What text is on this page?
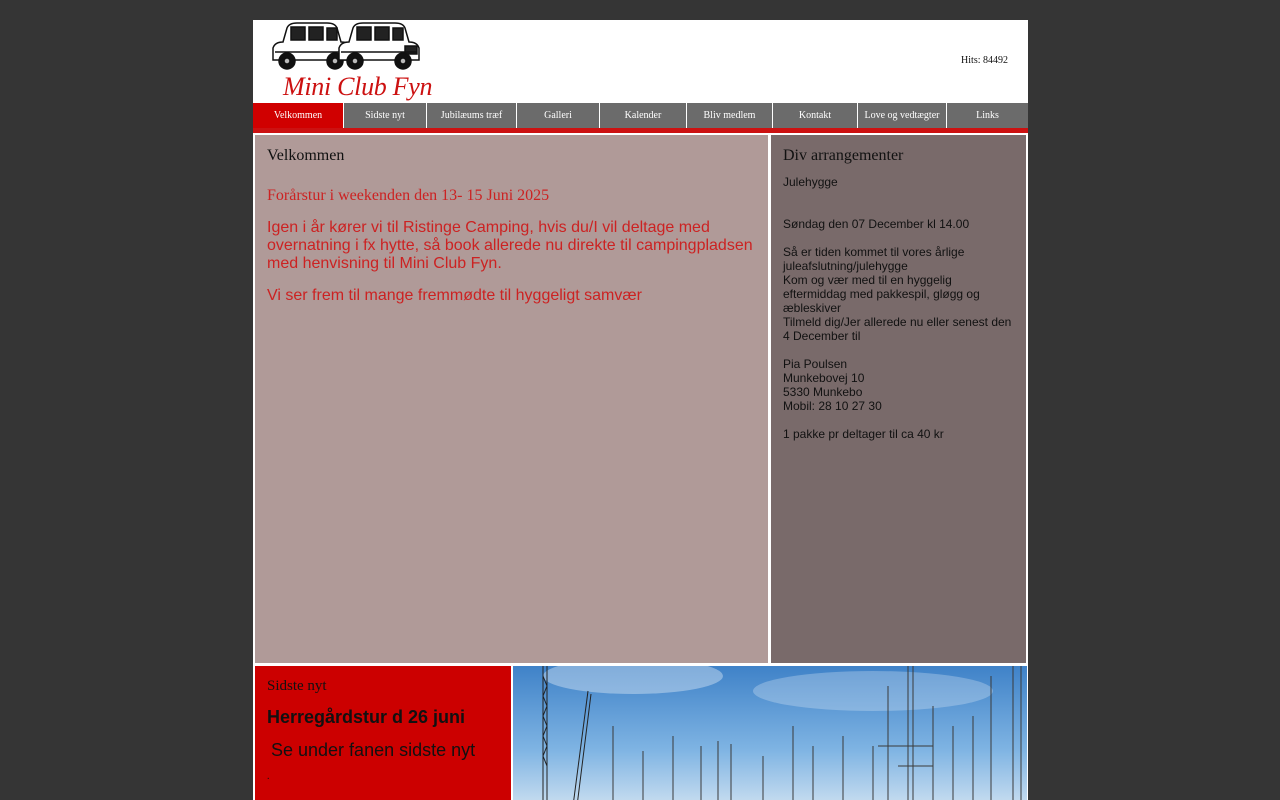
Mini Club Fyn
Hits: 84492
Velkommen	Sidste nyt	Jubilæums træf	Galleri	Kalender	Bliv medlem	Kontakt	Love og vedtægter	Links
Velkommen
Forårstur i weekenden den 13- 15 Juni 2025

Igen i år kører vi til Ristinge Camping, hvis du/I vil deltage med overnatning i fx hytte, så book allerede nu direkte til campingpladsen med henvisning til Mini Club Fyn.

Vi ser frem til mange fremmødte til hyggeligt samvær

Div arrangementer

Julehygge

Søndag den 07 December kl 14.00

Så er tiden kommet til vores årlige juleafslutning/julehygge

Kom og vær med til en hyggelig eftermiddag med pakkespil, gløgg og æbleskiver

Tilmeld dig/Jer allerede nu eller senest den 4 December til

Pia Poulsen

Munkebovej 10

5330 Munkebo

Mobil: 28 10 27 30

1 pakke pr deltager til ca 40 kr

Sidste nyt
Herregårdstur d 26 juni
Se under fanen sidste nyt
.
